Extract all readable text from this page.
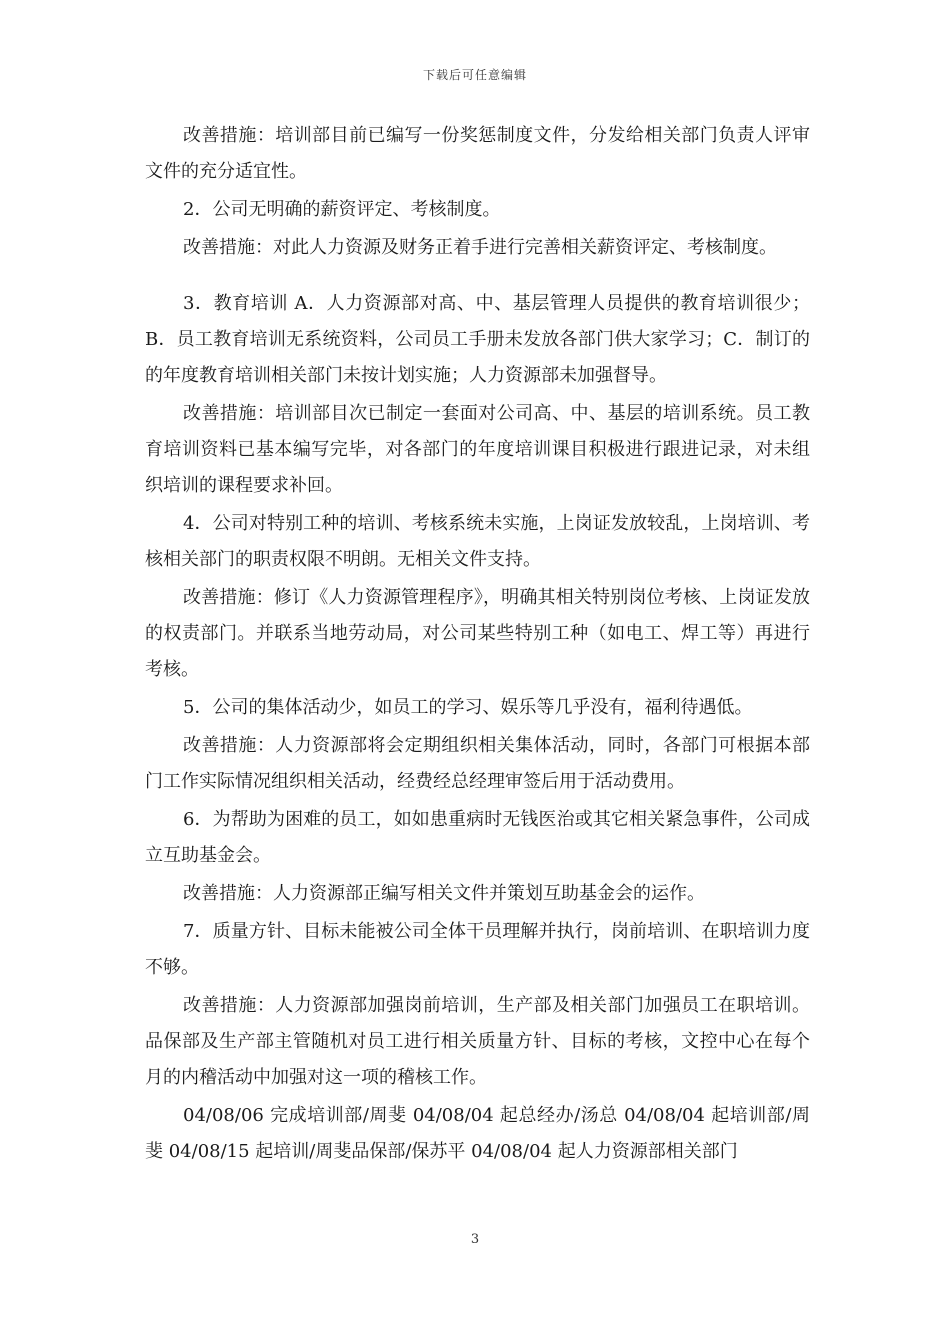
下载后可任意编辑

改善措施：培训部目前已编写一份奖惩制度文件，分发给相关部门负责人评审文件的充分适宜性。

2．公司无明确的薪资评定、考核制度。

改善措施：对此人力资源及财务正着手进行完善相关薪资评定、考核制度。

3．教育培训 A．人力资源部对高、中、基层管理人员提供的教育培训很少；B．员工教育培训无系统资料，公司员工手册未发放各部门供大家学习；C．制订的的年度教育培训相关部门未按计划实施；人力资源部未加强督导。

改善措施：培训部目次已制定一套面对公司高、中、基层的培训系统。员工教育培训资料已基本编写完毕，对各部门的年度培训课目积极进行跟进记录，对未组织培训的课程要求补回。

4．公司对特别工种的培训、考核系统未实施，上岗证发放较乱，上岗培训、考核相关部门的职责权限不明朗。无相关文件支持。

改善措施：修订《人力资源管理程序》，明确其相关特别岗位考核、上岗证发放的权责部门。并联系当地劳动局，对公司某些特别工种（如电工、焊工等）再进行考核。

5．公司的集体活动少，如员工的学习、娱乐等几乎没有，福利待遇低。

改善措施：人力资源部将会定期组织相关集体活动，同时，各部门可根据本部门工作实际情况组织相关活动，经费经总经理审签后用于活动费用。

6．为帮助为困难的员工，如如患重病时无钱医治或其它相关紧急事件，公司成立互助基金会。

改善措施：人力资源部正编写相关文件并策划互助基金会的运作。

7．质量方针、目标未能被公司全体干员理解并执行，岗前培训、在职培训力度不够。

改善措施：人力资源部加强岗前培训，生产部及相关部门加强员工在职培训。品保部及生产部主管随机对员工进行相关质量方针、目标的考核，文控中心在每个月的内稽活动中加强对这一项的稽核工作。

04/08/06 完成培训部/周斐 04/08/04 起总经办/汤总 04/08/04 起培训部/周斐 04/08/15 起培训/周斐品保部/保苏平 04/08/04 起人力资源部相关部门

3
